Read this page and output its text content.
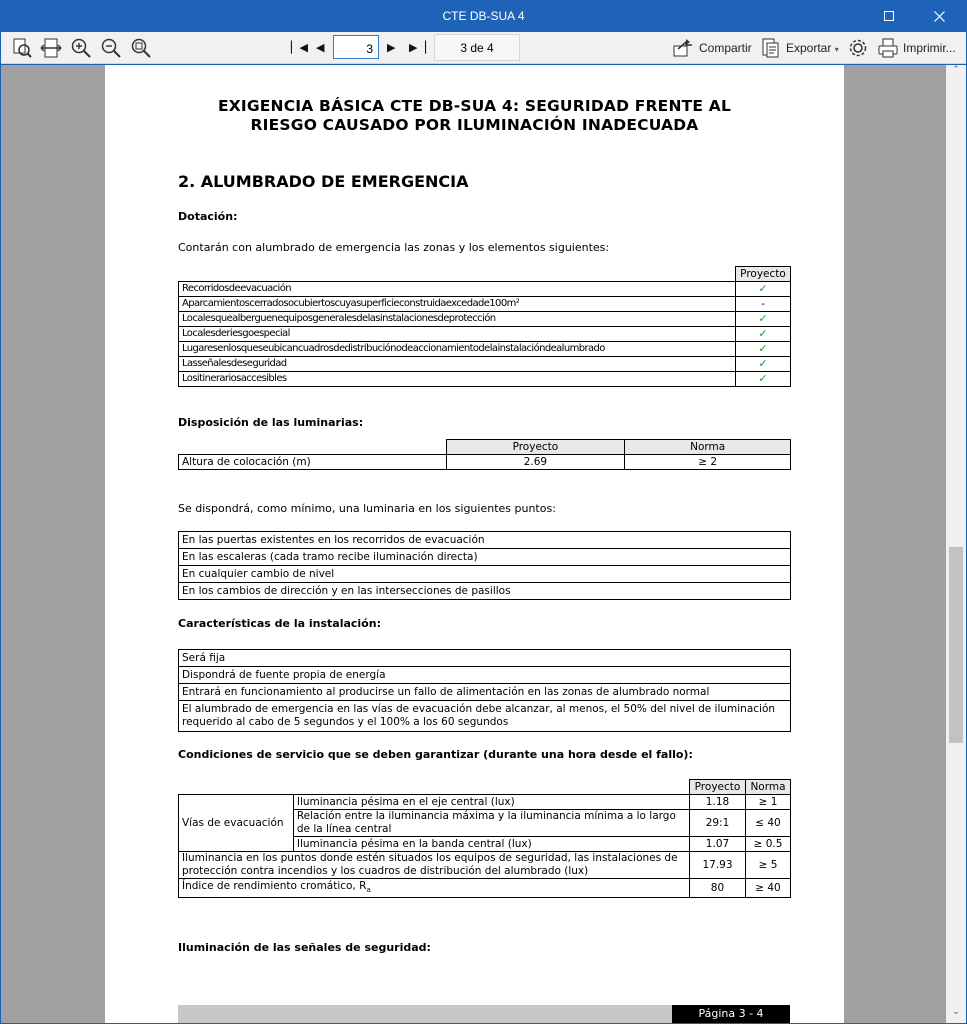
CTE DB-SUA 4
▏◀ ◀	▶ ▶▕
3	3 de 4	Compartir	Exportar ▾	Imprimir...
EXIGENCIA BÁSICA CTE DB-SUA 4: SEGURIDAD FRENTE AL
RIESGO CAUSADO POR ILUMINACIÓN INADECUADA
2. ALUMBRADO DE EMERGENCIA
Dotación:
Contarán con alumbrado de emergencia las zonas y los elementos siguientes:
	Proyecto
Recorridosdeevacuación	✓
Aparcamientoscerradosocubiertoscuyasuperficieconstruidaexcedade100m²	-
Localesquealberguenequiposgeneralesdelasinstalacionesdeprotección	✓
Localesderiesgoespecial	✓
Lugaresenlosqueseubicancuadrosdedistribuciónodeaccionamientodelainstalacióndealumbrado	✓
Lasseñalesdeseguridad	✓
Lositinerariosaccesibles	✓
Disposición de las luminarias:
	Proyecto	Norma
Altura de colocación (m)	2.69	≥ 2
Se dispondrá, como mínimo, una luminaria en los siguientes puntos:
En las puertas existentes en los recorridos de evacuación
En las escaleras (cada tramo recibe iluminación directa)
En cualquier cambio de nivel
En los cambios de dirección y en las intersecciones de pasillos
Características de la instalación:
Será fija
Dispondrá de fuente propia de energía
Entrará en funcionamiento al producirse un fallo de alimentación en las zonas de alumbrado normal
El alumbrado de emergencia en las vías de evacuación debe alcanzar, al menos, el 50% del nivel de iluminación requerido al cabo de 5 segundos y el 100% a los 60 segundos
Condiciones de servicio que se deben garantizar (durante una hora desde el fallo):
		Proyecto	Norma
Vías de evacuación	Iluminancia pésima en el eje central (lux)	1.18	≥ 1
	Relación entre la iluminancia máxima y la iluminancia mínima a lo largo de la línea central	29:1	≤ 40
	Iluminancia pésima en la banda central (lux)	1.07	≥ 0.5
Iluminancia en los puntos donde estén situados los equipos de seguridad, las instalaciones de protección contra incendios y los cuadros de distribución del alumbrado (lux)		17.93	≥ 5
Índice de rendimiento cromático, $R_a$		80	≥ 40
Iluminación de las señales de seguridad:
Página 3 - 4
⌃
⌄
